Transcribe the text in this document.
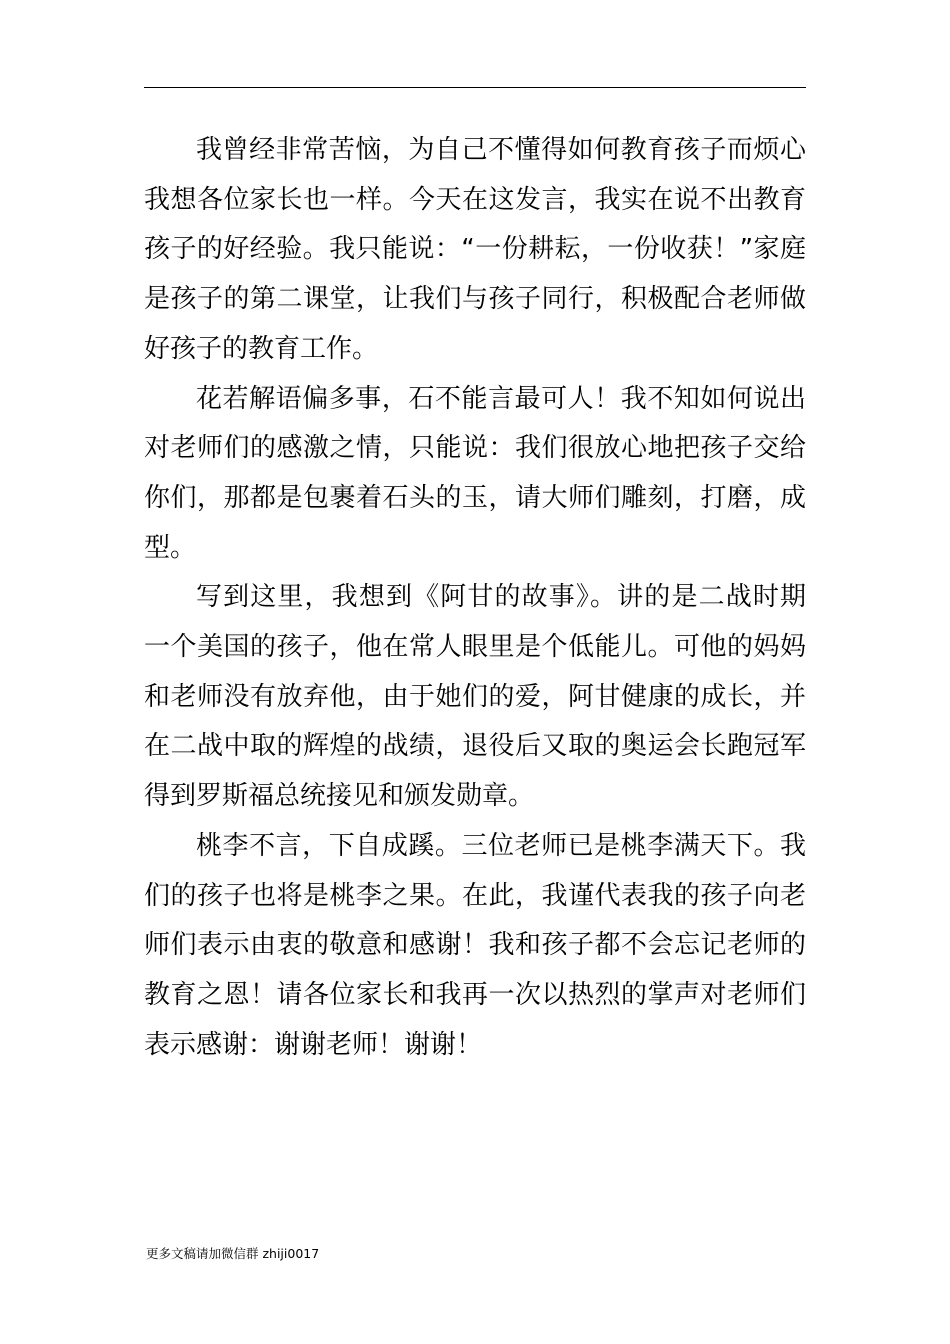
我曾经非常苦恼，为自己不懂得如何教育孩子而烦心我想各位家长也一样。今天在这发言，我实在说不出教育孩子的好经验。我只能说：“一份耕耘，一份收获！”家庭是孩子的第二课堂，让我们与孩子同行，积极配合老师做好孩子的教育工作。

花若解语偏多事，石不能言最可人！我不知如何说出对老师们的感激之情，只能说：我们很放心地把孩子交给你们，那都是包裹着石头的玉，请大师们雕刻，打磨，成型。

写到这里，我想到《阿甘的故事》。讲的是二战时期一个美国的孩子，他在常人眼里是个低能儿。可他的妈妈和老师没有放弃他，由于她们的爱，阿甘健康的成长，并在二战中取的辉煌的战绩，退役后又取的奥运会长跑冠军得到罗斯福总统接见和颁发勋章。

桃李不言，下自成蹊。三位老师已是桃李满天下。我们的孩子也将是桃李之果。在此，我谨代表我的孩子向老师们表示由衷的敬意和感谢！我和孩子都不会忘记老师的教育之恩！请各位家长和我再一次以热烈的掌声对老师们表示感谢：谢谢老师！谢谢！

更多文稿请加微信群 zhiji0017
